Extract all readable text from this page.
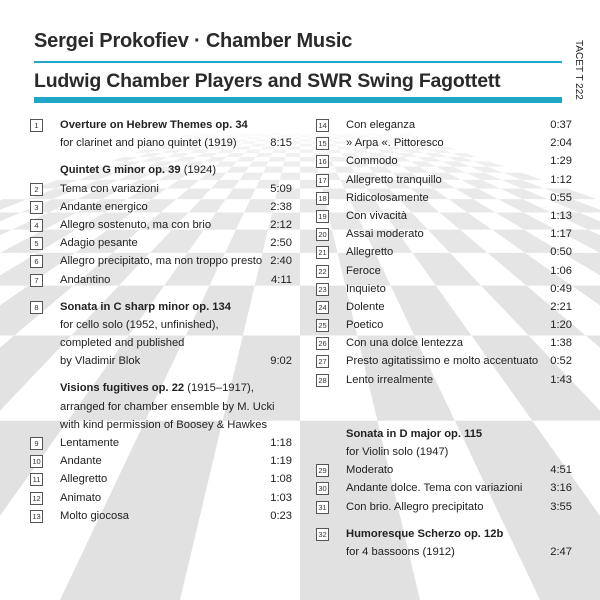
Sergei Prokofiev · Chamber Music
Ludwig Chamber Players and SWR Swing Fagottett	TACET T 222
1	Overture on Hebrew Themes op. 34
for clarinet and piano quintet (1919)	8:15
Quintet G minor op. 39 (1924)
2	Tema con variazioni	5:09
3	Andante energico	2:38
4	Allegro sostenuto, ma con brio	2:12
5	Adagio pesante	2:50
6	Allegro precipitato, ma non troppo presto 2:40
7	Andantino	4:11
8	Sonata in C sharp minor op. 134
for cello solo (1952, unfinished),
completed and published
by Vladimir Blok	9:02
Visions fugitives op. 22 (1915–1917),
arranged for chamber ensemble by M. Ucki
with kind permission of Boosey & Hawkes
9	Lentamente	1:18
10 Andante	1:19
11 Allegretto	1:08
12 Animato	1:03
13 Molto giocosa	0:23
14 Con eleganza	0:37
15 » Arpa «. Pittoresco	2:04
16 Commodo	1:29
17 Allegretto tranquillo	1:12
18 Ridicolosamente	0:55
19 Con vivacità	1:13
20 Assai moderato	1:17
21 Allegretto	0:50
22 Feroce	1:06
23 Inquieto	0:49
24 Dolente	2:21
25 Poetico	1:20
26 Con una dolce lentezza	1:38
27 Presto agitatissimo e molto accentuato 0:52
28 Lento irrealmente	1:43
Sonata in D major op. 115
for Violin solo (1947)
29 Moderato	4:51
30 Andante dolce. Tema con variazioni 3:16
31 Con brio. Allegro precipitato	3:55
32 Humoresque Scherzo op. 12b
for 4 bassoons (1912)	2:47
